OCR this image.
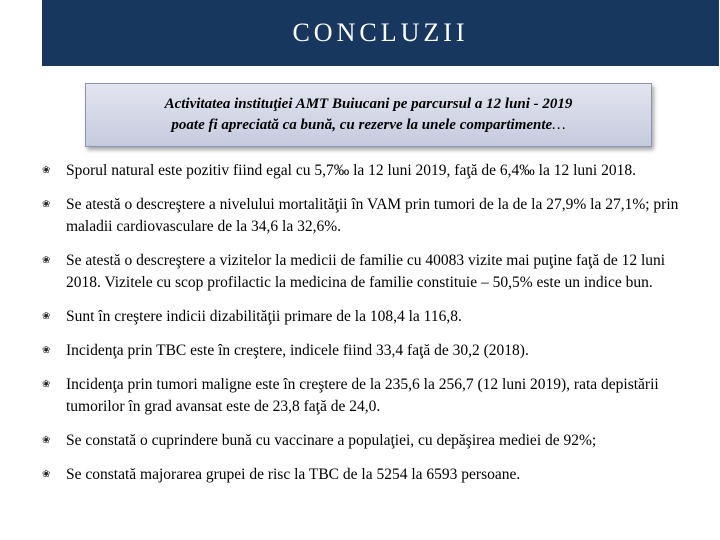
CONCLUZII
Activitatea instituţiei AMT Buiucani pe parcursul a 12 luni - 2019
poate fi apreciată ca bună, cu rezerve la unele compartimente…
❀ Sporul natural este pozitiv fiind egal cu 5,7‰ la 12 luni 2019, faţă de 6,4‰ la 12 luni 2018.
❀ Se atestă o descreştere a nivelului mortalităţii în VAM prin tumori de la de la 27,9% la 27,1%; prin maladii cardiovasculare de la 34,6 la 32,6%.
❀ Se atestă o descreştere a vizitelor la medicii de familie cu 40083 vizite mai puţine faţă de 12 luni 2018. Vizitele cu scop profilactic la medicina de familie constituie – 50,5% este un indice bun.
❀ Sunt în creştere indicii dizabilităţii primare de la 108,4 la 116,8.
❀ Incidenţa prin TBC este în creştere, indicele fiind 33,4 faţă de 30,2 (2018).
❀ Incidenţa prin tumori maligne este în creştere de la 235,6 la 256,7 (12 luni 2019), rata depistării tumorilor în grad avansat este de 23,8 faţă de 24,0.
❀ Se constată o cuprindere bună cu vaccinare a populaţiei, cu depăşirea mediei de 92%;
❀ Se constată majorarea grupei de risc la TBC de la 5254 la 6593 persoane.
